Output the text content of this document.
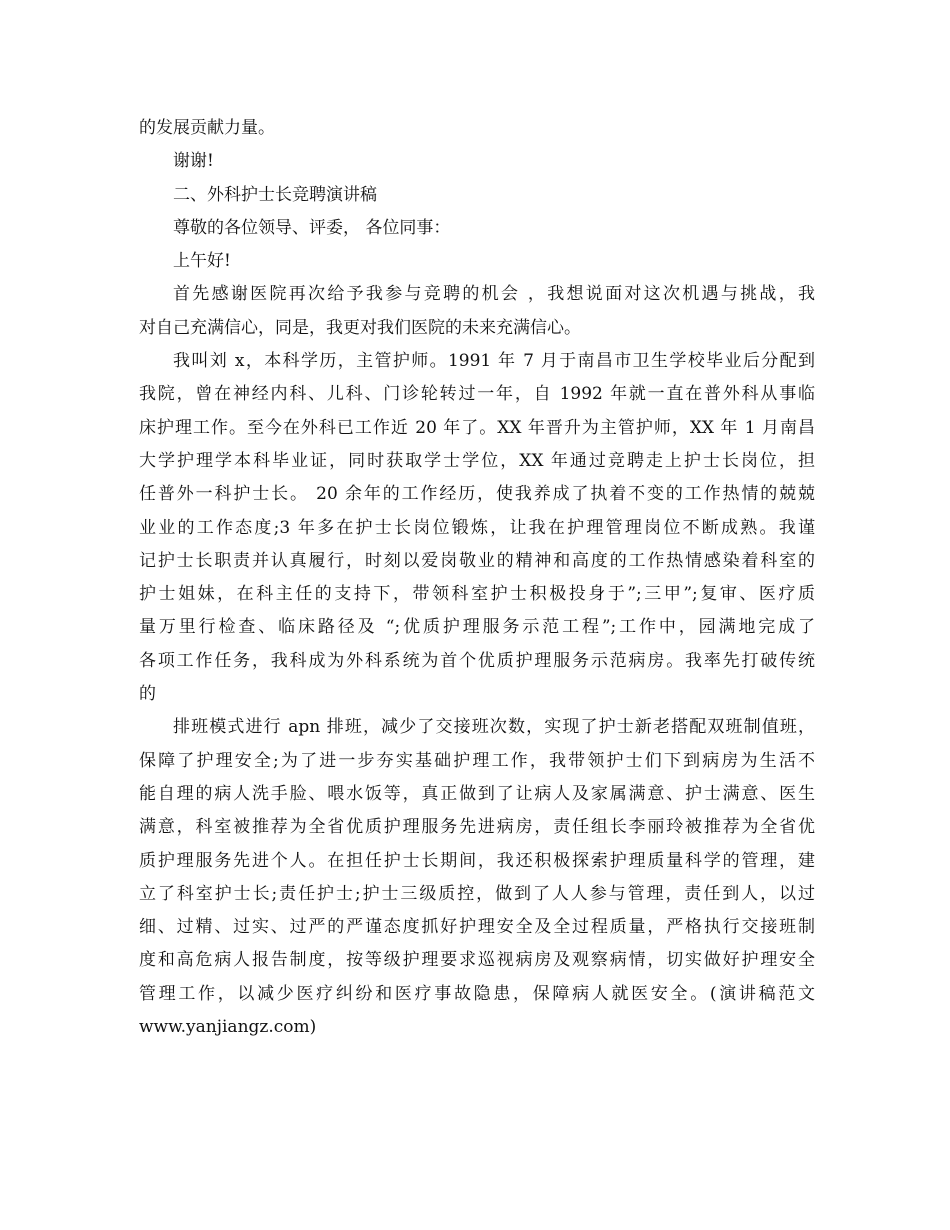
的发展贡献力量。
谢谢!
二、外科护士长竞聘演讲稿
尊敬的各位领导、评委， 各位同事：
上午好!
首先感谢医院再次给予我参与竞聘的机会 ，我想说面对这次机遇与挑战，我
对自己充满信心，同是，我更对我们医院的未来充满信心。
我叫刘 x，本科学历，主管护师。1991 年 7 月于南昌市卫生学校毕业后分配到
我院，曾在神经内科、儿科、门诊轮转过一年，自 1992 年就一直在普外科从事临
床护理工作。至今在外科已工作近 20 年了。XX 年晋升为主管护师，XX 年 1 月南昌
大学护理学本科毕业证，同时获取学士学位，XX 年通过竞聘走上护士长岗位，担
任普外一科护士长。 20 余年的工作经历，使我养成了执着不变的工作热情的兢兢
业业的工作态度;3 年多在护士长岗位锻炼，让我在护理管理岗位不断成熟。我谨
记护士长职责并认真履行，时刻以爱岗敬业的精神和高度的工作热情感染着科室的
护士姐妹，在科主任的支持下，带领科室护士积极投身于”;三甲”;复审、医疗质
量万里行检查、临床路径及 “;优质护理服务示范工程”;工作中，园满地完成了
各项工作任务，我科成为外科系统为首个优质护理服务示范病房。我率先打破传统
的
排班模式进行 apn 排班，减少了交接班次数，实现了护士新老搭配双班制值班，
保障了护理安全;为了进一步夯实基础护理工作，我带领护士们下到病房为生活不
能自理的病人洗手脸、喂水饭等，真正做到了让病人及家属满意、护士满意、医生
满意，科室被推荐为全省优质护理服务先进病房，责任组长李丽玲被推荐为全省优
质护理服务先进个人。在担任护士长期间，我还积极探索护理质量科学的管理，建
立了科室护士长;责任护士;护士三级质控，做到了人人参与管理，责任到人，以过
细、过精、过实、过严的严谨态度抓好护理安全及全过程质量，严格执行交接班制
度和高危病人报告制度，按等级护理要求巡视病房及观察病情，切实做好护理安全
管理工作，以减少医疗纠纷和医疗事故隐患，保障病人就医安全。(演讲稿范文
www.yanjiangz.com)
